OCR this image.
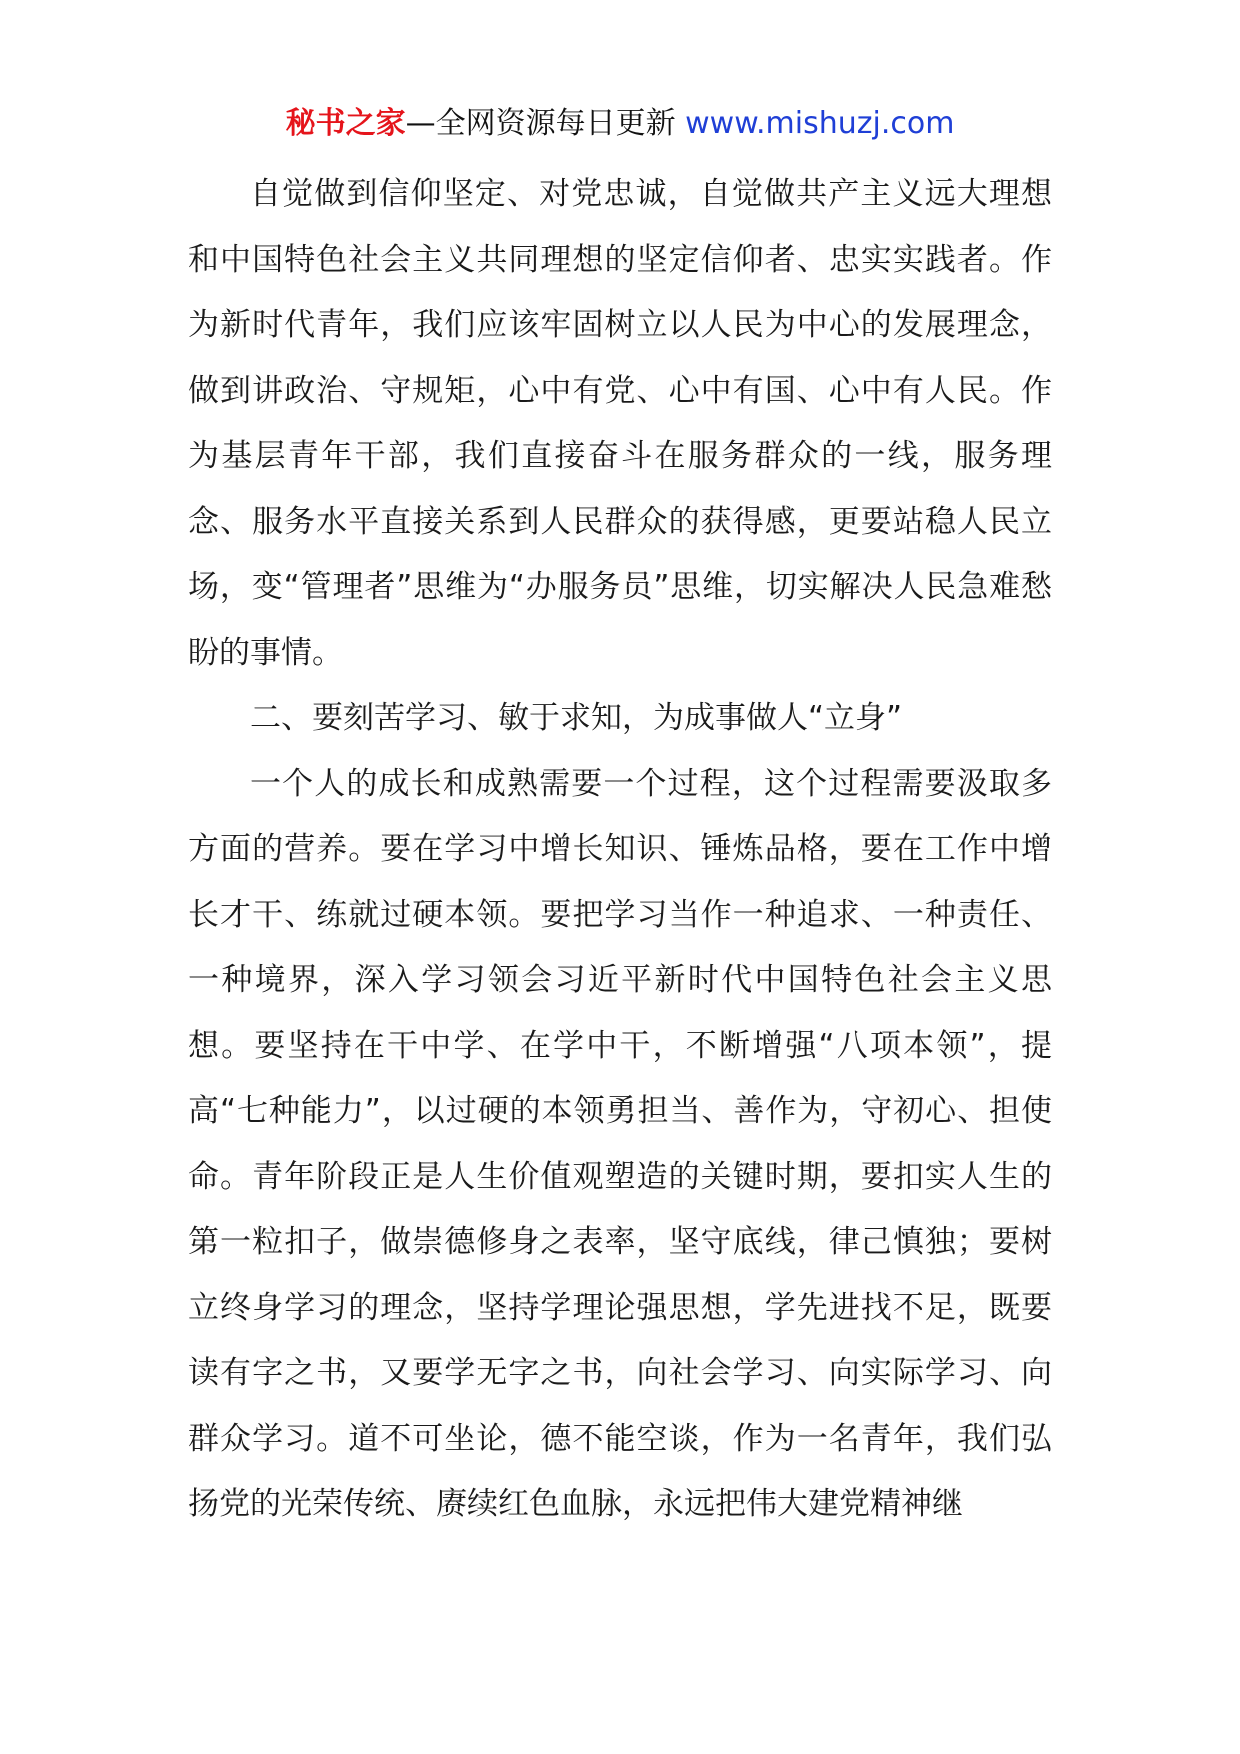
秘书之家—全网资源每日更新 www.mishuzj.com

自觉做到信仰坚定、对党忠诚，自觉做共产主义远大理想和中国特色社会主义共同理想的坚定信仰者、忠实实践者。作为新时代青年，我们应该牢固树立以人民为中心的发展理念，做到讲政治、守规矩，心中有党、心中有国、心中有人民。作为基层青年干部，我们直接奋斗在服务群众的一线，服务理念、服务水平直接关系到人民群众的获得感，更要站稳人民立场，变“管理者”思维为“办服务员”思维，切实解决人民急难愁盼的事情。

二、要刻苦学习、敏于求知，为成事做人“立身”

一个人的成长和成熟需要一个过程，这个过程需要汲取多方面的营养。要在学习中增长知识、锤炼品格，要在工作中增长才干、练就过硬本领。要把学习当作一种追求、一种责任、一种境界，深入学习领会习近平新时代中国特色社会主义思想。要坚持在干中学、在学中干，不断增强“八项本领”，提高“七种能力”，以过硬的本领勇担当、善作为，守初心、担使命。青年阶段正是人生价值观塑造的关键时期，要扣实人生的第一粒扣子，做崇德修身之表率，坚守底线，律己慎独；要树立终身学习的理念，坚持学理论强思想，学先进找不足，既要读有字之书，又要学无字之书，向社会学习、向实际学习、向群众学习。道不可坐论，德不能空谈，作为一名青年，我们弘扬党的光荣传统、赓续红色血脉，永远把伟大建党精神继
